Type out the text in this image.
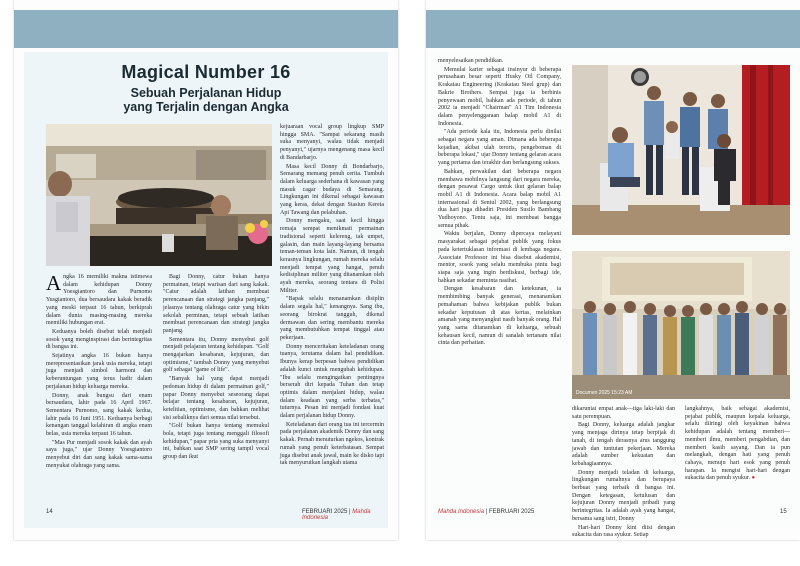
Magical Number 16
Sebuah Perjalanan Hidup
yang Terjalin dengan Angka
A ngka 16 memiliki makna istimewa dalam kehidupan Donny Yoesgiantoro dan Purnomo Yusgiantoro, dua bersaudara kakak beradik yang meski terpaut 16 tahun, berkiprah dalam dunia masing-masing mereka memiliki hubungan erat.

Keduanya boleh disebut telah menjadi sosok yang menginspirasi dan berintegritas di bangsa ini.

Sejatinya angka 16 bukan hanya merepresentasikan jarak usia mereka, tetapi juga menjadi simbol harmoni dan keberuntungan yang terus hadir dalam perjalanan hidup keluarga mereka.

Donny, anak bungsu dari enam bersaudara, lahir pada 16 April 1967. Sementara Purnomo, sang kakak kedua, lahir pada 16 Juni 1951. Keduanya berbagi kenangan tanggal kelahiran di angka enam belas, usia mereka terpaut 16 tahun.

"Mas Pur menjadi sosok kakak dan ayah saya juga," ujar Donny Yoesgiantoro menyebut diri dan sang kakak sama-sama menyukai olahraga yang sama.

Bagi Donny, catur bukan hanya permainan, tetapi warisan dari sang kakak. "Catur adalah latihan membuat perencanaan dan strategi jangka panjang," jelasnya tentang olahraga catur yang bikin sekolah perminan, tetapi sebuah latihan membuat perencanaan dan strategi jangka panjang.

Sementara itu, Donny menyebut golf menjadi pelajaran tentang kehidupan. "Golf mengajarkan kesabaran, kejujuran, dan optimisme," tambah Donny yang menyebut golf sebagai "game of life".

"Banyak hal yang dapat menjadi pedoman hidup di dalam permainan golf," papar Donny menyebut seseorang dapat belajar tentang kesabaran, kejujuran, ketelitian, optimisme, dan bahkan melihat sisi sebaliknya dari semua nilai tersebut.

"Golf bukan hanya tentang memukul bola, tetapi juga tentang menggali filosofi kehidupan," papar pria yang suka menyanyi ini, bahkan saat SMP sering tampil vocal group dan ikut

kejuaraan vocal group lingkup SMP hingga SMA. "Sampai sekarang masih suka menyanyi, walau tidak menjadi penyanyi," ujarnya mengenang masa kecil di Bandarbarjo.

Masa kecil Donny di Bondarbarjo, Semarang memang penuh cerita. Tumbuh dalam keluarga sederhana di kawasan yang masuk cagar budaya di Semarang. Lingkungan ini dikenal sebagai kawasan yang keras, dekat dengan Stasiun Kereta Api Tawang dan pelabuhan.

Donny mengaku, saat kecil hingga remaja sempat menikmati permainan tradisional seperti kelereng, tak umpet, galasin, dan main layang-layang bersama teman-teman kota lain. Namun, di tengah kerasnya lingkungan, rumah mereka selalu menjadi tempat yang hangat, penuh kedisiplinan militer yang ditanamkan oleh ayah mereka, seorang tentara di Polisi Militer.

"Bapak selalu menanamkan disiplin dalam segala hal," kenangnya. Sang ibu, seorang birokrat tangguh, dikenal dermawan dan sering membantu mereka yang membutuhkan tempat tinggal atau pekerjaan.

Donny menceritakan keteladanan orang tuanya, terutama dalam hal pendidikan. Ibunya kerap berpesan bahwa pendidikan adalah kunci untuk mengubah kehidupan. "Ibu selalu mengingatkan pentingnya berserah diri kepada Tuhan dan tetap optimis dalam menjalani hidup, walau dalam keadaan yang serba terbatas," tuturnya. Pesan ini menjadi fondasi kuat dalam perjalanan hidup Donny.

Keteladanan dari orang tua ini tercermin pada perjalanan akademik Donny dan sang kakak. Pernah menuturkan ngekos, kontrak rumah yang penuh keterbatasan. Sempat juga disebut anak jawal, main ke disko tapi tak menyurutkan langkah utama

14	FEBRUARI 2025 | Mahda Indonesia

menyelesaikan pendidikan.

Memulai karier sebagai insinyur di beberapa perusahaan besar seperti Husky Oil Company, Krakatau Engineering (Krakatau Steel grup) dan Bakrie Brothers. Sempat juga ia berbinis penyewaan mobil, bahkan ada periode, di tahun 2002 ia menjadi "Chairman" A1 Tim Indonesia dalam penyelenggaraan balap mobil A1 di Indonesia.

"Ada periode kala itu, Indonesia perlu dinilai sebagai negara yang aman. Dimana ada beberapa kejadian, akibat ulah teroris, pengeboman di beberapa lokasi," ujar Donny tentang gelaran acara yang pertama dan terakhir dan berlangsung sukses.

Bahkan, perwakilan dari beberapa negara membawa mobilnya langsung dari negara mereka, dengan pesawat Cargo untuk ikut gelaran balap mobil A1 di Indonesia. Acara balap mobil A1 internasional di Sentul 2002, yang berlangsung dua hari juga dihadiri Presiden Susilo Bambang Yudhoyono. Tentu saja, ini membuat bangga semua pihak.

Waktu berjalan, Donny dipercaya melayani masyarakat sebagai pejabat publik yang fokus pada ketertuklasan informasi di lembaga negara. Associate Professor ini bisa disebut akademisi, mentor, sosok yang selalu membuka pintu bagi siapa saja yang ingin berdiskusi, berbagi ide, bahkan sekadar meminta nasihat.

Dengan kesabaran dan ketekunan, ia membimbing banyak generasi, menanamkan pemahaman bahwa kebijakan publik bukan sekadar keputusan di atas kertas, melainkan amanah yang menyangkut nasib banyak orang. Hal yang sama ditanamkan di keluarga, sebuah kehausan kecil, namun di sanalah tertanam nilai cinta dan perhatian.

Documen 2025 15:23 AM

dikaruniai empat anak—tiga laki-laki dan satu perempuan.

Bagi Donny, keluarga adalah jangkar yang menjaga dirinya tetap berpijak di tanah, di tengah derasnya arus tanggung jawab dan tuntutan pekerjaan. Mereka adalah sumber kekuatan dan kebahagiaannya.

Donny menjadi teladan di keluarga, lingkungan rumahnya dan berupaya berbuat yang terbaik di bangsa ini. Dengan ketegasan, ketulusan dan kejujuran Donny menjadi pribadi yang berintegritas. Ia adalah ayah yang hangat, bersama sang istri, Donny

Hari-hari Donny kini diisi dengan sukacita dan rasa syukur. Setiap

langkahnya, baik sebagai akademisi, pejabat publik, maupun kepala keluarga, selalu diiringi oleh keyakinan bahwa kehidupan adalah tentang memberi—memberi ilmu, memberi pengabdian, dan memberi kasih sayang. Dan ia pun melangkah, dengan hati yang penuh cahaya, menuju hari esok yang penuh harapan. Ia mengisi hari-hari dengan sukacita dan penuh syukur. ●

Mahda Indonesia | FEBRUARI 2025	15
